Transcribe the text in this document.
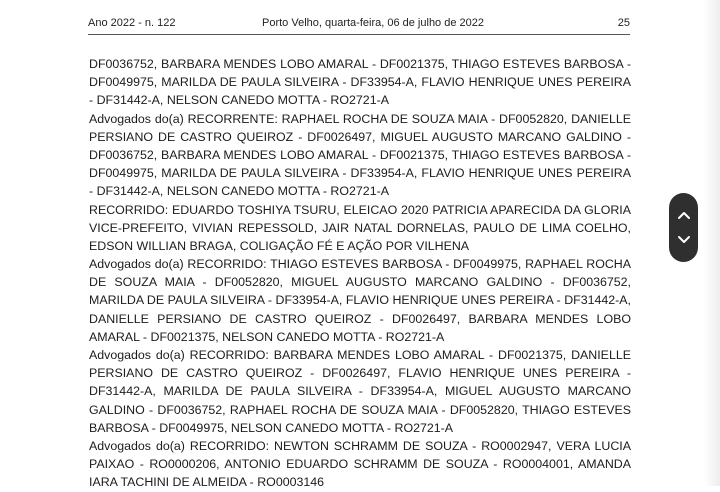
Ano 2022 - n. 122	Porto Velho, quarta-feira, 06 de julho de 2022	25
DF0036752, BARBARA MENDES LOBO AMARAL - DF0021375, THIAGO ESTEVES BARBOSA -
DF0049975, MARILDA DE PAULA SILVEIRA - DF33954-A, FLAVIO HENRIQUE UNES PEREIRA
- DF31442-A, NELSON CANEDO MOTTA - RO2721-A
Advogados do(a) RECORRENTE: RAPHAEL ROCHA DE SOUZA MAIA - DF0052820, DANIELLE
PERSIANO DE CASTRO QUEIROZ - DF0026497, MIGUEL AUGUSTO MARCANO GALDINO -
DF0036752, BARBARA MENDES LOBO AMARAL - DF0021375, THIAGO ESTEVES BARBOSA -
DF0049975, MARILDA DE PAULA SILVEIRA - DF33954-A, FLAVIO HENRIQUE UNES PEREIRA
- DF31442-A, NELSON CANEDO MOTTA - RO2721-A
RECORRIDO: EDUARDO TOSHIYA TSURU, ELEICAO 2020 PATRICIA APARECIDA DA GLORIA
VICE-PREFEITO, VIVIAN REPESSOLD, JAIR NATAL DORNELAS, PAULO DE LIMA COELHO,
EDSON WILLIAN BRAGA, COLIGAÇÃO FÉ E AÇÃO POR VILHENA
Advogados do(a) RECORRIDO: THIAGO ESTEVES BARBOSA - DF0049975, RAPHAEL ROCHA
DE SOUZA MAIA - DF0052820, MIGUEL AUGUSTO MARCANO GALDINO - DF0036752,
MARILDA DE PAULA SILVEIRA - DF33954-A, FLAVIO HENRIQUE UNES PEREIRA - DF31442-A,
DANIELLE PERSIANO DE CASTRO QUEIROZ - DF0026497, BARBARA MENDES LOBO
AMARAL - DF0021375, NELSON CANEDO MOTTA - RO2721-A
Advogados do(a) RECORRIDO: BARBARA MENDES LOBO AMARAL - DF0021375, DANIELLE
PERSIANO DE CASTRO QUEIROZ - DF0026497, FLAVIO HENRIQUE UNES PEREIRA -
DF31442-A, MARILDA DE PAULA SILVEIRA - DF33954-A, MIGUEL AUGUSTO MARCANO
GALDINO - DF0036752, RAPHAEL ROCHA DE SOUZA MAIA - DF0052820, THIAGO ESTEVES
BARBOSA - DF0049975, NELSON CANEDO MOTTA - RO2721-A
Advogados do(a) RECORRIDO: NEWTON SCHRAMM DE SOUZA - RO0002947, VERA LUCIA
PAIXAO - RO0000206, ANTONIO EDUARDO SCHRAMM DE SOUZA - RO0004001, AMANDA
IARA TACHINI DE ALMEIDA - RO0003146
